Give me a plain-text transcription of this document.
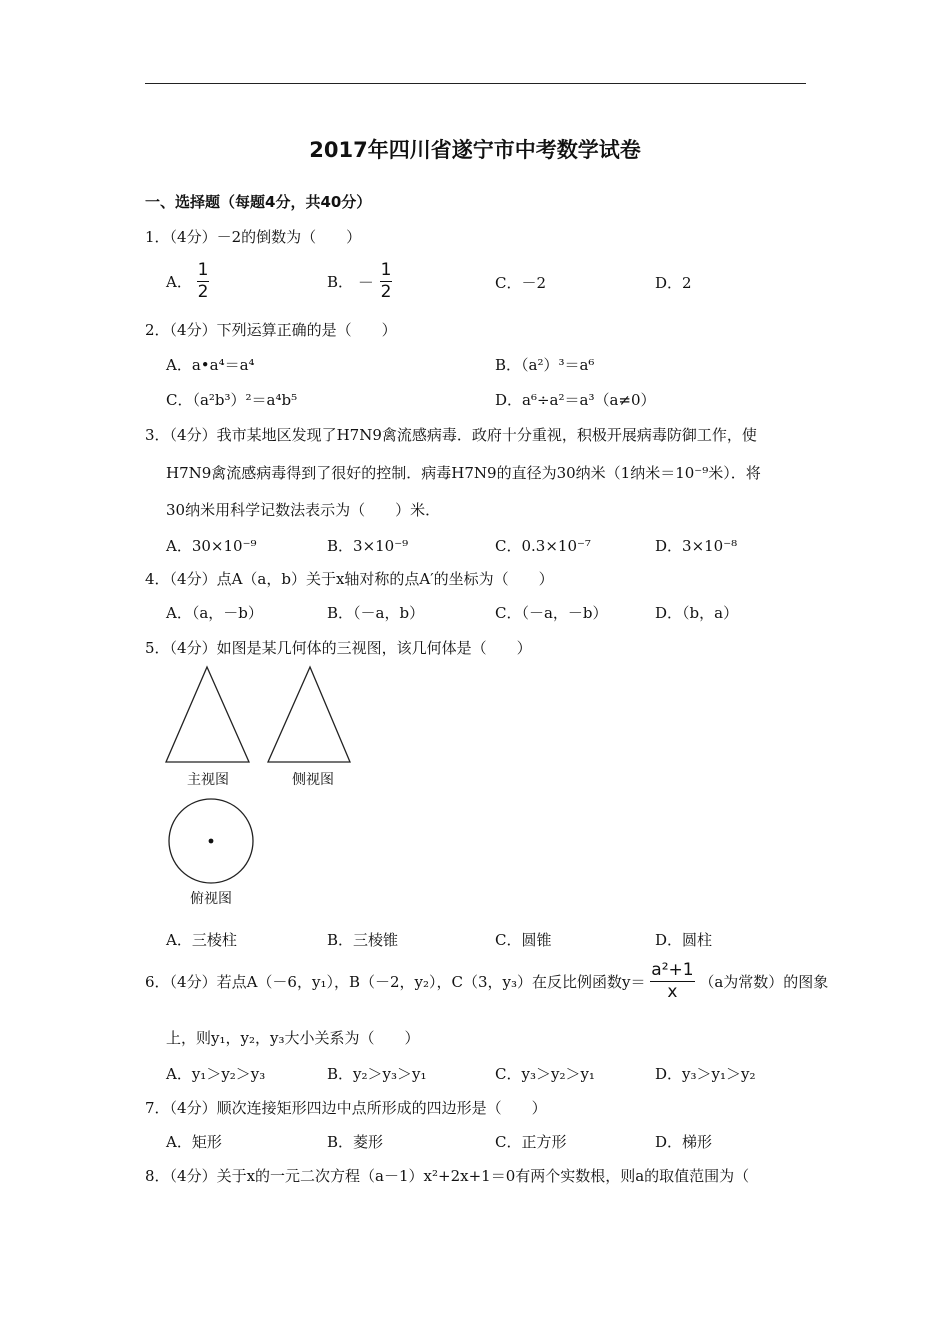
2017年四川省遂宁市中考数学试卷
一、选择题（每题4分，共40分）
1．（4分）－2的倒数为（　　）
A． $\frac{1}{2}$	B． － $\frac{1}{2}$	C．－2	D．2
2．（4分）下列运算正确的是（　　）
A．a•a⁴＝a⁴	B．（a²）³＝a⁶
C．（a²b³）²＝a⁴b⁵	D．a⁶÷a²＝a³（a≠0）
3．（4分）我市某地区发现了H7N9禽流感病毒．政府十分重视，积极开展病毒防御工作，使
H7N9禽流感病毒得到了很好的控制．病毒H7N9的直径为30纳米（1纳米＝10⁻⁹米）．将
30纳米用科学记数法表示为（　　）米．
A．30×10⁻⁹	B．3×10⁻⁹	C．0.3×10⁻⁷	D．3×10⁻⁸
4．（4分）点A（a，b）关于x轴对称的点A′的坐标为（　　）
A．（a，－b）	B．（－a，b）	C．（－a，－b）	D．（b，a）
5．（4分）如图是某几何体的三视图，该几何体是（　　）
主视图	侧视图
俯视图
A．三棱柱	B．三棱锥	C．圆锥	D．圆柱
6．（4分）若点A（－6，y₁），B（－2，y₂），C（3，y₃）在反比例函数$y= \frac{\text{a²+1}}{x} (a$为常数）的图象
上，则y₁，y₂，y₃大小关系为（　　）
A．y₁＞y₂＞y₃	B．y₂＞y₃＞y₁	C．y₃＞y₂＞y₁	D．y₃＞y₁＞y₂
7．（4分）顺次连接矩形四边中点所形成的四边形是（　　）
A．矩形	B．菱形	C．正方形	D．梯形
8．（4分）关于x的一元二次方程（a－1）x²+2x+1＝0有两个实数根，则a的取值范围为（
